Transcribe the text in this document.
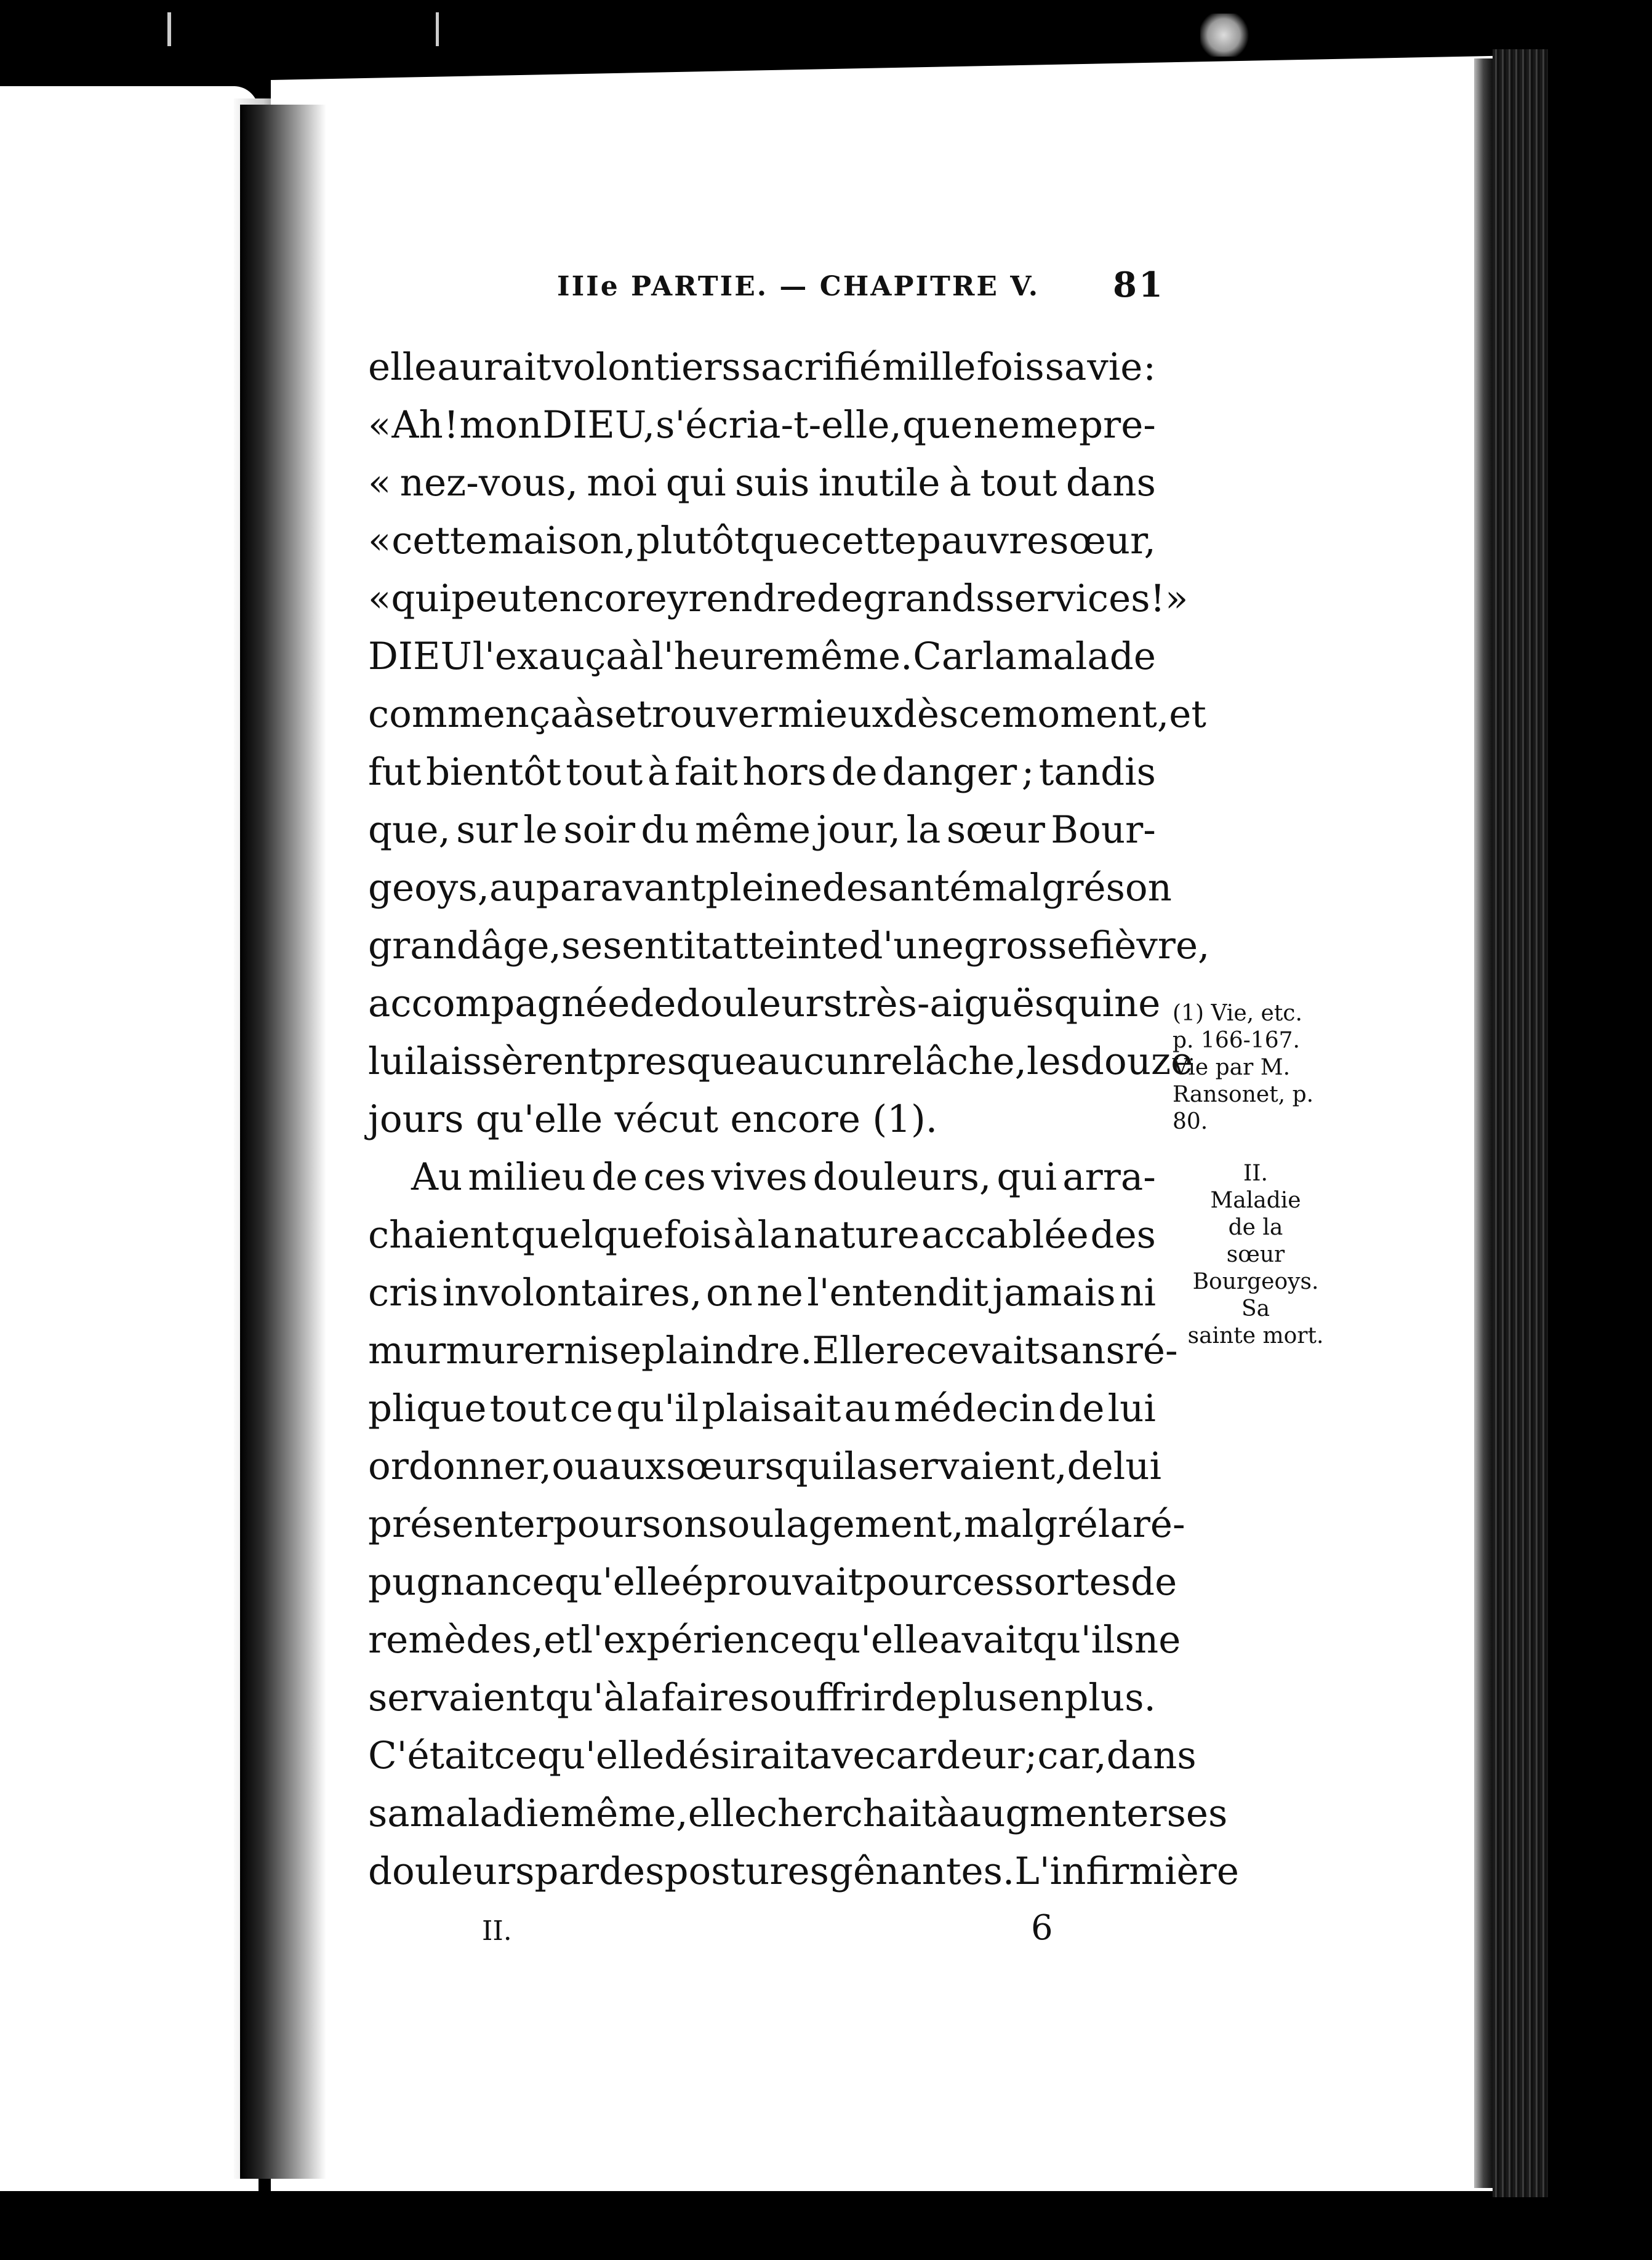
IIIe PARTIE. — CHAPITRE V. 81
elle aurait volontiers sacrifié mille fois sa vie :
« Ah ! mon DIEU, s'écria-t-elle, que ne me pre-
« nez-vous, moi qui suis inutile à tout dans
« cette maison, plutôt que cette pauvre sœur,
« qui peut encore y rendre de grands services ! »
DIEU l'exauça à l'heure même. Car la malade
commença à se trouver mieux dès ce moment, et
fut bientôt tout à fait hors de danger ; tandis
que, sur le soir du même jour, la sœur Bour-
geoys, auparavant pleine de santé malgré son
grand âge, se sentit atteinte d'une grosse fièvre,
accompagnée de douleurs très-aiguës qui ne
lui laissèrent presque aucun relâche, les douze
jours qu'elle vécut encore (1).
Au milieu de ces vives douleurs, qui arra-
chaient quelquefois à la nature accablée des
cris involontaires, on ne l'entendit jamais ni
murmurer ni se plaindre. Elle recevait sans ré-
plique tout ce qu'il plaisait au médecin de lui
ordonner, ou aux sœurs qui la servaient, de lui
présenter pour son soulagement, malgré la ré-
pugnance qu'elle éprouvait pour ces sortes de
remèdes, et l'expérience qu'elle avait qu'ils ne
servaient qu'à la faire souffrir de plus en plus.
C'était ce qu'elle désirait avec ardeur ; car, dans
sa maladie même, elle cherchait à augmenter ses
douleurs par des postures gênantes. L'infirmière
(1) Vie, etc.
p. 166-167.
Vie par M.
Ransonet, p.
80.
II.
Maladie
de la
sœur
Bourgeoys.
Sa
sainte mort.
II.	6
